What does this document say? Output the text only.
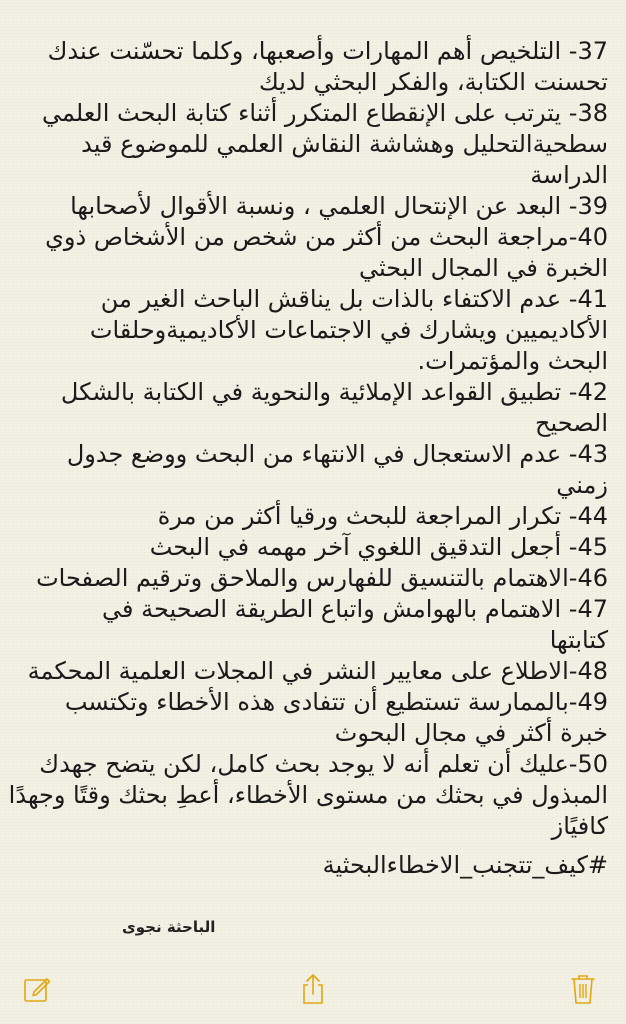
37- التلخيص أهم المهارات وأصعبها، وكلما تحسّنت عندك
تحسنت الكتابة، والفكر البحثي لديك
38- يترتب على الإنقطاع المتكرر أثناء كتابة البحث العلمي
سطحيةالتحليل وهشاشة النقاش العلمي للموضوع قيد
الدراسة
39- البعد عن الإنتحال العلمي ، ونسبة الأقوال لأصحابها
40-مراجعة البحث من أكثر من شخص من الأشخاص ذوي
الخبرة في المجال البحثي
41- عدم الاكتفاء بالذات بل يناقش الباحث الغير من
الأكاديميين ويشارك في الاجتماعات الأكاديميةوحلقات
البحث والمؤتمرات.
42- تطبيق القواعد الإملائية والنحوية في الكتابة بالشكل
الصحيح
43- عدم الاستعجال في الانتهاء من البحث ووضع جدول
زمني
44- تكرار المراجعة للبحث ورقيا أكثر من مرة
45- أجعل التدقيق اللغوي آخر مهمه في البحث
46-الاهتمام بالتنسيق للفهارس والملاحق وترقيم الصفحات
47- الاهتمام بالهوامش واتباع الطريقة الصحيحة في
كتابتها
48-الاطلاع على معايير النشر في المجلات العلمية المحكمة
49-بالممارسة تستطيع أن تتفادى هذه الأخطاء وتكتسب
خبرة أكثر في مجال البحوث
50-عليك أن تعلم أنه لا يوجد بحث كامل، لكن يتضح جهدك
المبذول في بحثك من مستوى الأخطاء، أعطِ بحثك وقتًا وجهدًا
كافيًاز
#كيف_تتجنب_الاخطاءالبحثية
الباحثة نجوى
